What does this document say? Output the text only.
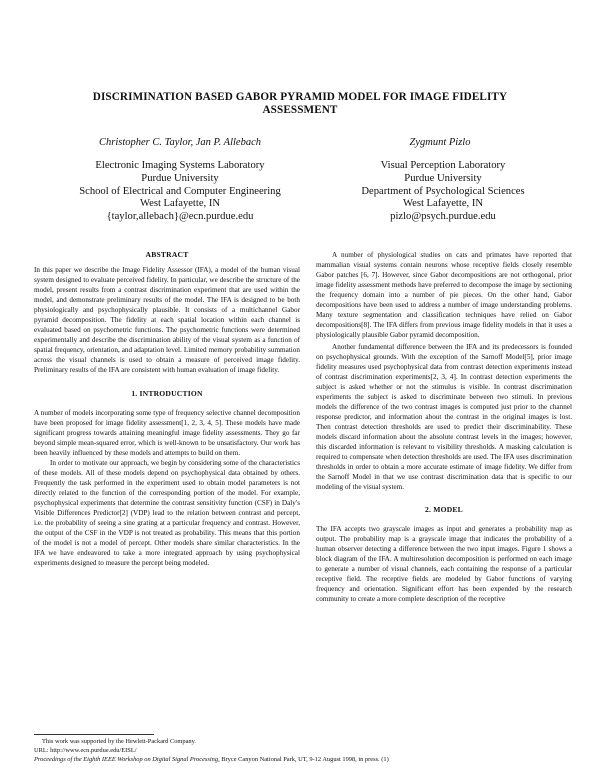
DISCRIMINATION BASED GABOR PYRAMID MODEL FOR IMAGE FIDELITY
ASSESSMENT
Christopher C. Taylor, Jan P. Allebach	Zygmunt Pizlo
Electronic Imaging Systems Laboratory
Purdue University
School of Electrical and Computer Engineering
West Lafayette, IN
{taylor,allebach}@ecn.purdue.edu
Visual Perception Laboratory
Purdue University
Department of Psychological Sciences
West Lafayette, IN
pizlo@psych.purdue.edu
ABSTRACT

In this paper we describe the Image Fidelity Assessor (IFA), a model of the human visual system designed to evaluate perceived fidelity. In particular, we describe the structure of the model, present results from a contrast discrimination experiment that are used within the model, and demonstrate preliminary results of the model. The IFA is designed to be both physiologically and psychophysically plausible. It consists of a multichannel Gabor pyramid decomposition. The fidelity at each spatial location within each channel is evaluated based on psychometric functions. The psychometric functions were determined experimentally and describe the discrimination ability of the visual system as a function of spatial frequency, orientation, and adaptation level. Limited memory probability summation across the visual channels is used to obtain a measure of perceived image fidelity. Preliminary results of the IFA are consistent with human evaluation of image fidelity.

1. INTRODUCTION

A number of models incorporating some type of frequency selective channel decomposition have been proposed for image fidelity assessment[1, 2, 3, 4, 5]. These models have made significant progress towards attaining meaningful image fidelity assessments. They go far beyond simple mean-squared error, which is well-known to be unsatisfactory. Our work has been heavily influenced by these models and attempts to build on them.

In order to motivate our approach, we begin by considering some of the characteristics of these models. All of these models depend on psychophysical data obtained by others. Frequently the task performed in the experiment used to obtain model parameters is not directly related to the function of the corresponding portion of the model. For example, psychophysical experiments that determine the contrast sensitivity function (CSF) in Daly's Visible Differences Predictor[2] (VDP) lead to the relation between contrast and percept, i.e. the probability of seeing a sine grating at a particular frequency and contrast. However, the output of the CSF in the VDP is not treated as probability. This means that this portion of the model is not a model of percept. Other models share similar characteristics. In the IFA we have endeavored to take a more integrated approach by using psychophysical experiments designed to measure the percept being modeled.

A number of physiological studies on cats and primates have reported that mammalian visual systems contain neurons whose receptive fields closely resemble Gabor patches [6, 7]. However, since Gabor decompositions are not orthogonal, prior image fidelity assessment methods have preferred to decompose the image by sectioning the frequency domain into a number of pie pieces. On the other hand, Gabor decompositions have been used to address a number of image understanding problems. Many texture segmentation and classification techniques have relied on Gabor decompositions[8]. The IFA differs from previous image fidelity models in that it uses a physiologically plausible Gabor pyramid decomposition.

Another fundamental difference between the IFA and its predecessors is founded on psychophysical grounds. With the exception of the Sarnoff Model[5], prior image fidelity measures used psychophysical data from contrast detection experiments instead of contrast discrimination experiments[2, 3, 4]. In contrast detection experiments the subject is asked whether or not the stimulus is visible. In contrast discrimination experiments the subject is asked to discriminate between two stimuli. In previous models the difference of the two contrast images is computed just prior to the channel response predictor, and information about the contrast in the original images is lost. Then contrast detection thresholds are used to predict their discriminability. These models discard information about the absolute contrast levels in the images; however, this discarded information is relevant to visibility thresholds. A masking calculation is required to compensate when detection thresholds are used. The IFA uses discrimination thresholds in order to obtain a more accurate estimate of image fidelity. We differ from the Sarnoff Model in that we use contrast discrimination data that is specific to our modeling of the visual system.

2. MODEL

The IFA accepts two grayscale images as input and generates a probability map as output. The probability map is a grayscale image that indicates the probability of a human observer detecting a difference between the two input images. Figure 1 shows a block diagram of the IFA. A multiresolution decomposition is performed on each image to generate a number of visual channels, each containing the response of a particular receptive field. The receptive fields are modeled by Gabor functions of varying frequency and orientation. Significant effort has been expended by the research community to create a more complete description of the receptive

This work was supported by the Hewlett-Packard Company.
URL: http://www.ecn.purdue.edu/EISL/
Proceedings of the Eighth IEEE Workshop on Digital Signal Processing, Bryce Canyon National Park, UT, 9-12 August 1998, in press. (1)
